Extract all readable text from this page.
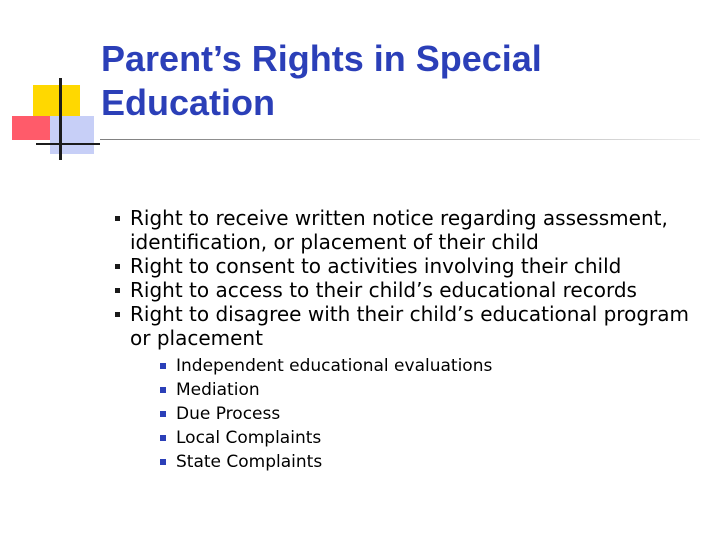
Parent’s Rights in Special
Education
Right to receive written notice regarding assessment, identification, or placement of their child
Right to consent to activities involving their child
Right to access to their child’s educational records
Right to disagree with their child’s educational program or placement
Independent educational evaluations
Mediation
Due Process
Local Complaints
State Complaints
